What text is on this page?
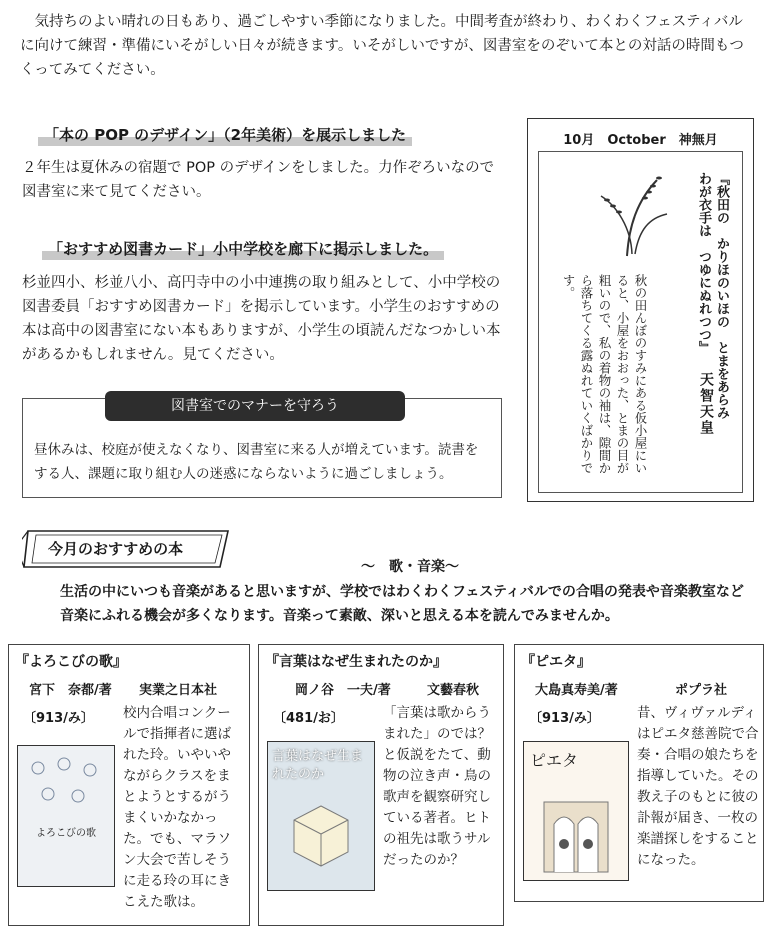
気持ちのよい晴れの日もあり、過ごしやすい季節になりました。中間考査が終わり、わくわくフェスティバルに向けて練習・準備にいそがしい日々が続きます。いそがしいですが、図書室をのぞいて本との対話の時間もつくってみてください。
「本の POP のデザイン」（2年美術）を展示しました
２年生は夏休みの宿題で POP のデザインをしました。力作ぞろいなので図書室に来て見てください。
「おすすめ図書カード」小中学校を廊下に掲示しました。
杉並四小、杉並八小、高円寺中の小中連携の取り組みとして、小中学校の図書委員「おすすめ図書カード」を掲示しています。小学生のおすすめの本は高中の図書室にない本もありますが、小学生の頃読んだなつかしい本があるかもしれません。見てください。
図書室でのマナーを守ろう
昼休みは、校庭が使えなくなり、図書室に来る人が増えています。読書をする人、課題に取り組む人の迷惑にならないように過ごしましょう。
10月　October　神無月
『秋田の　かりほのいほの　とまをあらみ
わが衣手は　つゆにぬれつつ』
天智天皇
秋の田んぼのすみにある仮小屋にいると、小屋をおおった、とまの目が粗いので、私の着物の袖は、隙間から落ちてくる露ぬれていくばかりです。
今月のおすすめの本
～　歌・音楽～
生活の中にいつも音楽があると思いますが、学校ではわくわくフェスティバルでの合唱の発表や音楽教室など音楽にふれる機会が多くなります。音楽って素敵、深いと思える本を読んでみませんか。
『よろこびの歌』
宮下　奈都/著 実業之日本社
〔913/み〕
よろこびの歌
校内合唱コンクールで指揮者に選ばれた玲。いやいやながらクラスをまとようとするがうまくいかなかった。でも、マラソン大会で苦しそうに走る玲の耳にきこえた歌は。
『言葉はなぜ生まれたのか』
岡ノ谷　一夫/著	文藝春秋
〔481/お〕
言葉はなぜ生まれたのか
「言葉は歌からうまれた」のでは？と仮説をたて、動物の泣き声・鳥の歌声を観察研究している著者。ヒトの祖先は歌うサルだったのか？
『ピエタ』
大島真寿美/著	ポプラ社
〔913/み〕
ピエタ
昔、ヴィヴァルディはピエタ慈善院で合奏・合唱の娘たちを指導していた。その教え子のもとに彼の訃報が届き、一枚の楽譜探しをすることになった。
